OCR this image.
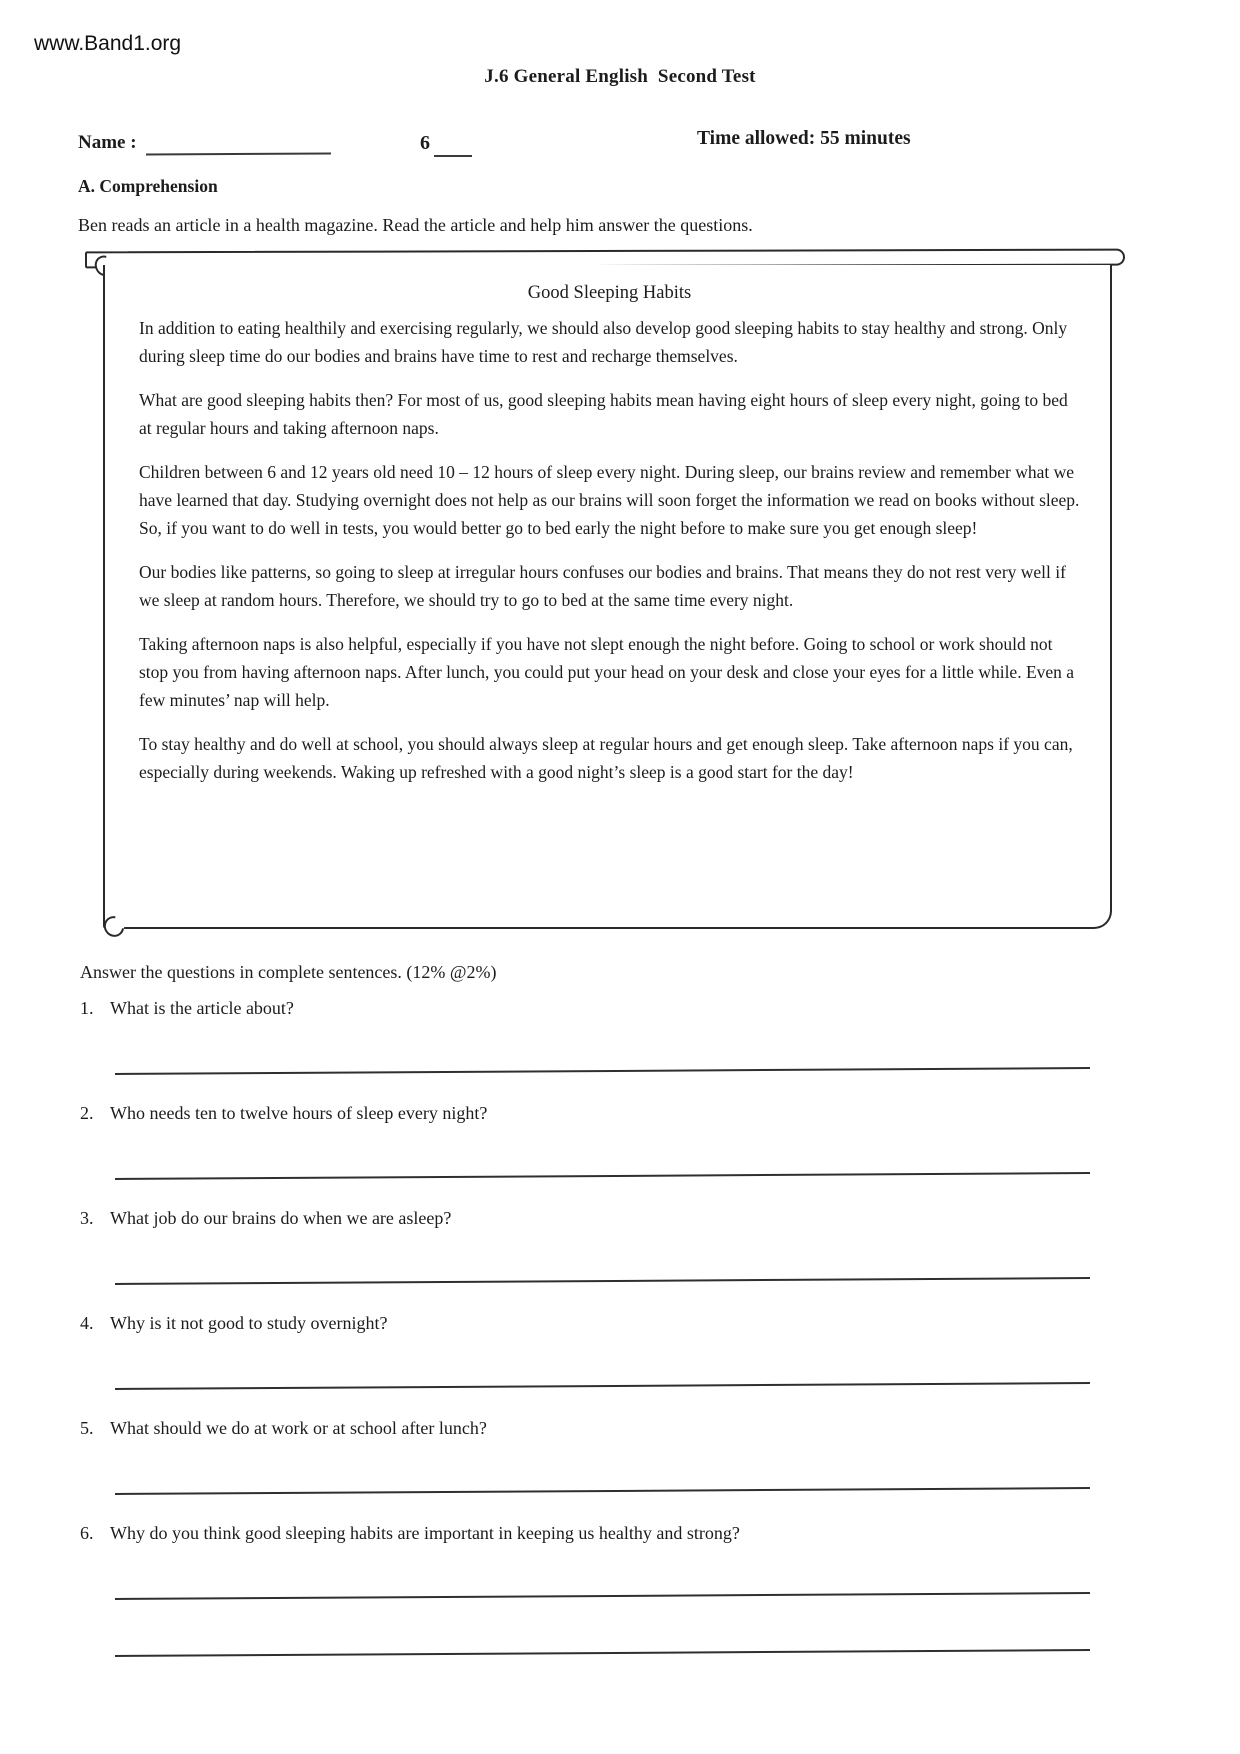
www.Band1.org
J.6 General English  Second Test
Name :	6	Time allowed: 55 minutes
A. Comprehension
Ben reads an article in a health magazine. Read the article and help him answer the questions.
Good Sleeping Habits

In addition to eating healthily and exercising regularly, we should also develop good sleeping habits to stay healthy and strong. Only during sleep time do our bodies and brains have time to rest and recharge themselves.

What are good sleeping habits then? For most of us, good sleeping habits mean having eight hours of sleep every night, going to bed at regular hours and taking afternoon naps.

Children between 6 and 12 years old need 10 – 12 hours of sleep every night. During sleep, our brains review and remember what we have learned that day. Studying overnight does not help as our brains will soon forget the information we read on books without sleep. So, if you want to do well in tests, you would better go to bed early the night before to make sure you get enough sleep!

Our bodies like patterns, so going to sleep at irregular hours confuses our bodies and brains. That means they do not rest very well if we sleep at random hours. Therefore, we should try to go to bed at the same time every night.

Taking afternoon naps is also helpful, especially if you have not slept enough the night before. Going to school or work should not stop you from having afternoon naps. After lunch, you could put your head on your desk and close your eyes for a little while. Even a few minutes’ nap will help.

To stay healthy and do well at school, you should always sleep at regular hours and get enough sleep. Take afternoon naps if you can, especially during weekends. Waking up refreshed with a good night’s sleep is a good start for the day!

Answer the questions in complete sentences. (12% @2%)
1. What is the article about?
2. Who needs ten to twelve hours of sleep every night?
3. What job do our brains do when we are asleep?
4. Why is it not good to study overnight?
5. What should we do at work or at school after lunch?
6. Why do you think good sleeping habits are important in keeping us healthy and strong?
